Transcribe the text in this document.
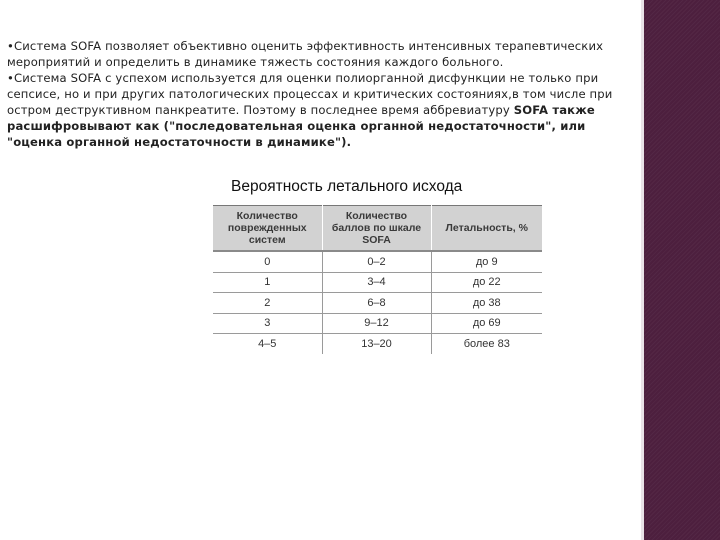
•Система SOFA позволяет объективно оценить эффективность интенсивных терапевтических мероприятий и определить в динамике тяжесть состояния каждого больного.

•Система SOFA с успехом используется для оценки полиорганной дисфункции не только при сепсисе, но и при других патологических процессах и критических состояниях,в том числе при остром деструктивном панкреатите. Поэтому в последнее время аббревиатуру SOFA также расшифровывают как ("последовательная оценка органной недостаточности", или "оценка органной недостаточности в динамике").

Вероятность летального исхода
Количество поврежденных систем	Количество баллов по шкале SOFA	Летальность, %
0	0–2	до 9
1	3–4	до 22
2	6–8	до 38
3	9–12	до 69
4–5	13–20	более 83
